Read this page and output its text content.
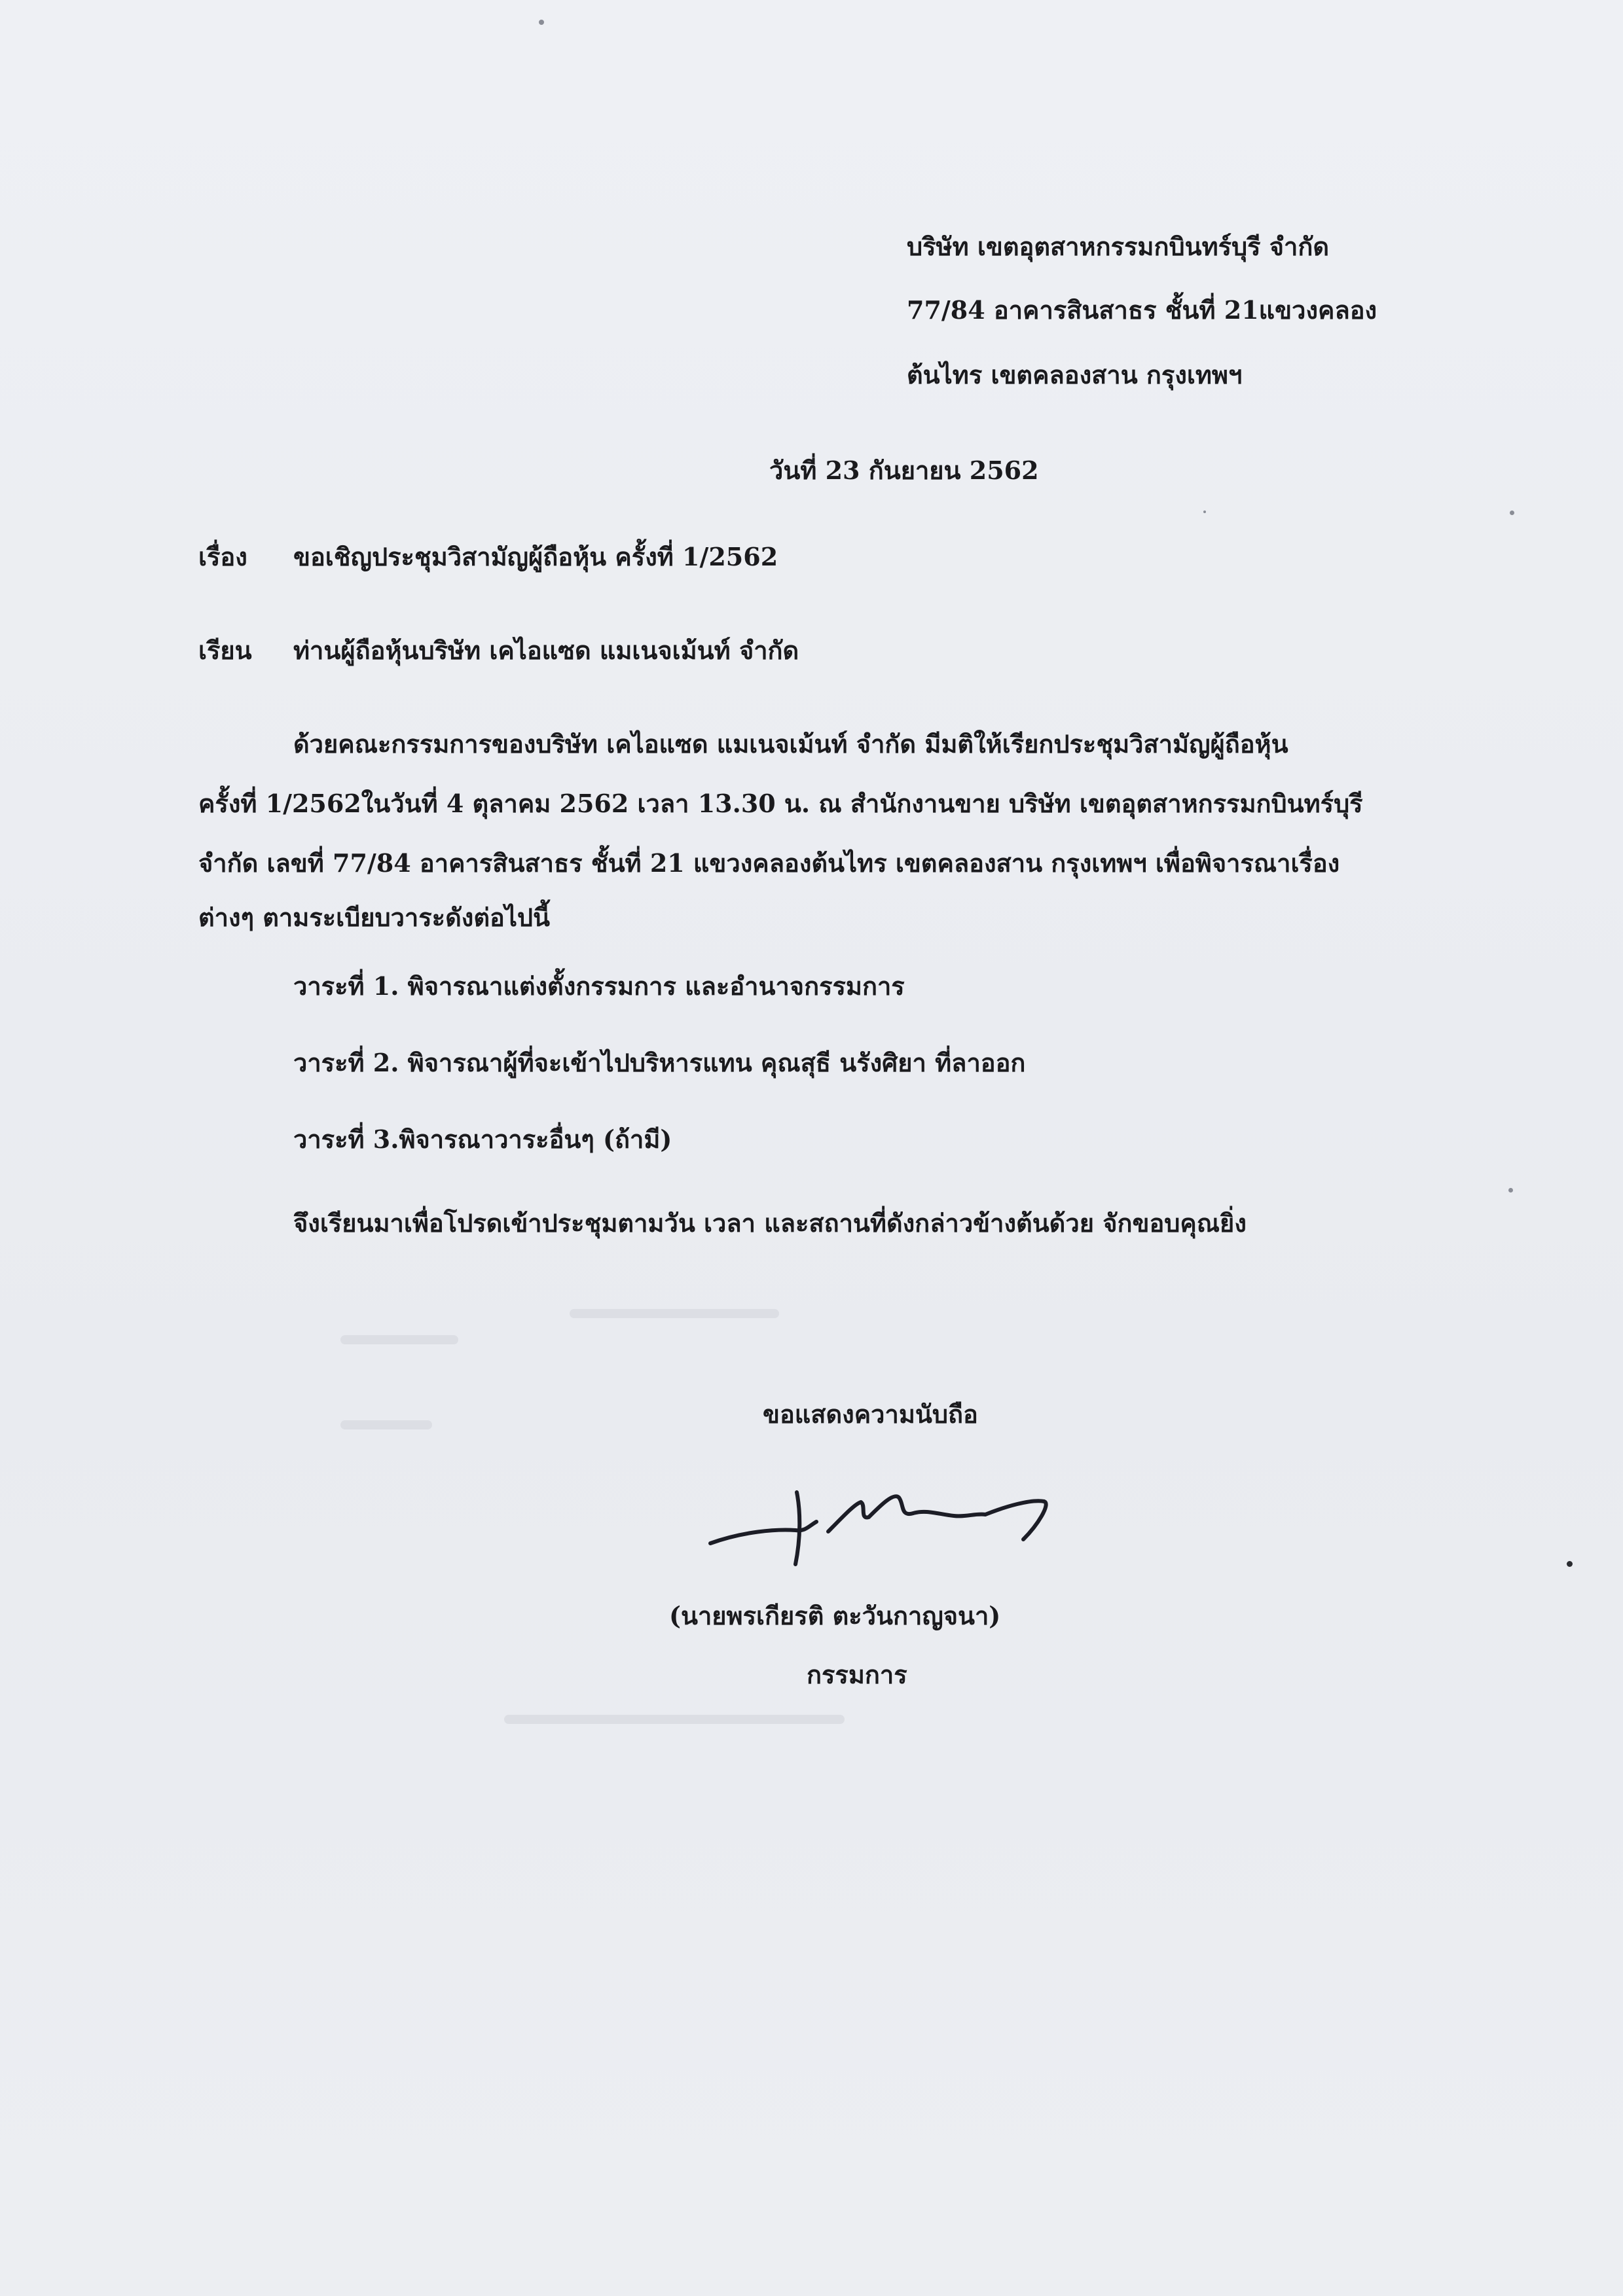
บริษัท เขตอุตสาหกรรมกบินทร์บุรี จำกัด
77/84 อาคารสินสาธร ชั้นที่ 21แขวงคลอง
ต้นไทร เขตคลองสาน กรุงเทพฯ
วันที่ 23 กันยายน 2562
เรื่อง ขอเชิญประชุมวิสามัญผู้ถือหุ้น ครั้งที่ 1/2562
เรียน ท่านผู้ถือหุ้นบริษัท เคไอแซด แมเนจเม้นท์ จำกัด
ด้วยคณะกรรมการของบริษัท เคไอแซด แมเนจเม้นท์ จำกัด มีมติให้เรียกประชุมวิสามัญผู้ถือหุ้น
ครั้งที่ 1/2562ในวันที่ 4 ตุลาคม 2562 เวลา 13.30 น. ณ สำนักงานขาย บริษัท เขตอุตสาหกรรมกบินทร์บุรี
จำกัด เลขที่ 77/84 อาคารสินสาธร ชั้นที่ 21 แขวงคลองต้นไทร เขตคลองสาน กรุงเทพฯ เพื่อพิจารณาเรื่อง
ต่างๆ ตามระเบียบวาระดังต่อไปนี้
วาระที่ 1. พิจารณาแต่งตั้งกรรมการ และอำนาจกรรมการ
วาระที่ 2. พิจารณาผู้ที่จะเข้าไปบริหารแทน คุณสุธี นรังศิยา ที่ลาออก
วาระที่ 3.พิจารณาวาระอื่นๆ (ถ้ามี)
จึงเรียนมาเพื่อโปรดเข้าประชุมตามวัน เวลา และสถานที่ดังกล่าวข้างต้นด้วย จักขอบคุณยิ่ง
ขอแสดงความนับถือ
(นายพรเกียรติ ตะวันกาญจนา)
กรรมการ
